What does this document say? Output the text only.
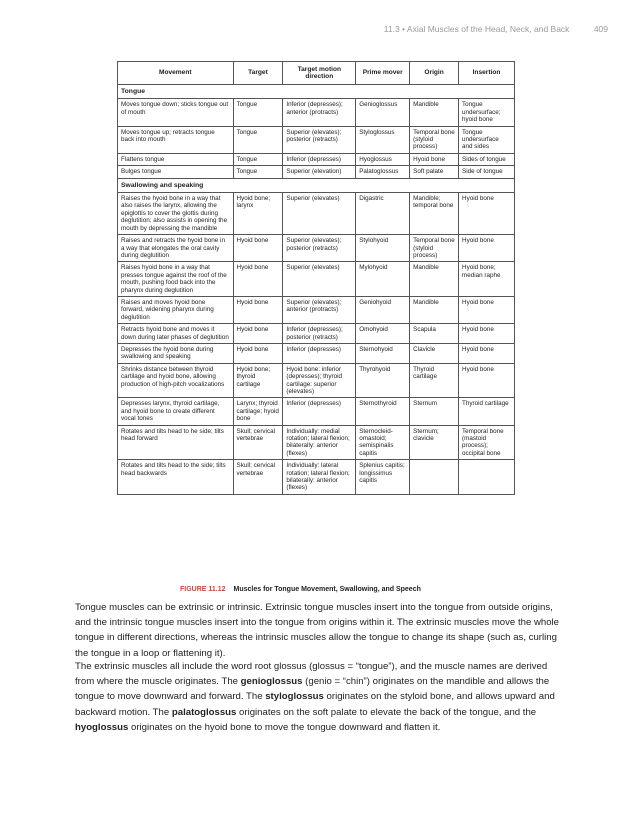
11.3 • Axial Muscles of the Head, Neck, and Back	409
Movement	Target	Target motion direction	Prime mover	Origin	Insertion
Tongue					
Moves tongue down; sticks tongue out of mouth	Tongue	Inferior (depresses); anterior (protracts)	Genioglossus	Mandible	Tongue undersurface; hyoid bone
Moves tongue up; retracts tongue back into mouth	Tongue	Superior (elevates); posterior (retracts)	Styloglossus	Temporal bone (styloid process)	Tongue undersurface and sides
Flattens tongue	Tongue	Inferior (depresses)	Hyoglossus	Hyoid bone	Sides of tongue
Bulges tongue	Tongue	Superior (elevation)	Palatoglossus	Soft palate	Side of tongue
Swallowing and speaking					
Raises the hyoid bone in a way that also raises the larynx, allowing the epiglottis to cover the glottis during deglutition; also assists in opening the mouth by depressing the mandible	Hyoid bone; larynx	Superior (elevates)	Digastric	Mandible; temporal bone	Hyoid bone
Raises and retracts the hyoid bone in a way that elongates the oral cavity during deglutition	Hyoid bone	Superior (elevates); posterior (retracts)	Stylohyoid	Temporal bone (styloid process)	Hyoid bone
Raises hyoid bone in a way that presses tongue against the roof of the mouth, pushing food back into the pharynx during deglutition	Hyoid bone	Superior (elevates)	Mylohyoid	Mandible	Hyoid bone; median raphe
Raises and moves hyoid bone forward, widening pharynx during deglutition	Hyoid bone	Superior (elevates); anterior (protracts)	Geniohyoid	Mandible	Hyoid bone
Retracts hyoid bone and moves it down during later phases of deglutition	Hyoid bone	Inferior (depresses); posterior (retracts)	Omohyoid	Scapula	Hyoid bone
Depresses the hyoid bone during swallowing and speaking	Hyoid bone	Inferior (depresses)	Sternohyoid	Clavicle	Hyoid bone
Shrinks distance between thyroid cartilage and hyoid bone, allowing production of high-pitch vocalizations	Hyoid bone; thyroid cartilage	Hyoid bone: inferior (depresses); thyroid cartilage: superior (elevates)	Thyrohyoid	Thyroid cartilage	Hyoid bone
Depresses larynx, thyroid cartilage, and hyoid bone to create different vocal tones	Larynx; thyroid cartilage; hyoid bone	Inferior (depresses)	Sternothyroid	Sternum	Thyroid cartilage
Rotates and tilts head to he side; tilts head forward	Skull; cervical vertebrae	Individually: medial rotation; lateral flexion; bilaterally: anterior (flexes)	Sternocleid-omastoid; semispinalis capitis	Sternum; clavicle	Temporal bone (mastoid process); occipital bone
Rotates and tilts head to the side; tilts head backwards	Skull; cervical vertebrae	Individually: lateral rotation; lateral flexion; bilaterally: anterior (flexes)	Splenius capitis; longissimus capitis		
FIGURE 11.12 Muscles for Tongue Movement, Swallowing, and Speech

Tongue muscles can be extrinsic or intrinsic. Extrinsic tongue muscles insert into the tongue from outside origins, and the intrinsic tongue muscles insert into the tongue from origins within it. The extrinsic muscles move the whole tongue in different directions, whereas the intrinsic muscles allow the tongue to change its shape (such as, curling the tongue in a loop or flattening it).

The extrinsic muscles all include the word root glossus (glossus = “tongue”), and the muscle names are derived from where the muscle originates. The genioglossus (genio = “chin”) originates on the mandible and allows the tongue to move downward and forward. The styloglossus originates on the styloid bone, and allows upward and backward motion. The palatoglossus originates on the soft palate to elevate the back of the tongue, and the hyoglossus originates on the hyoid bone to move the tongue downward and flatten it.
